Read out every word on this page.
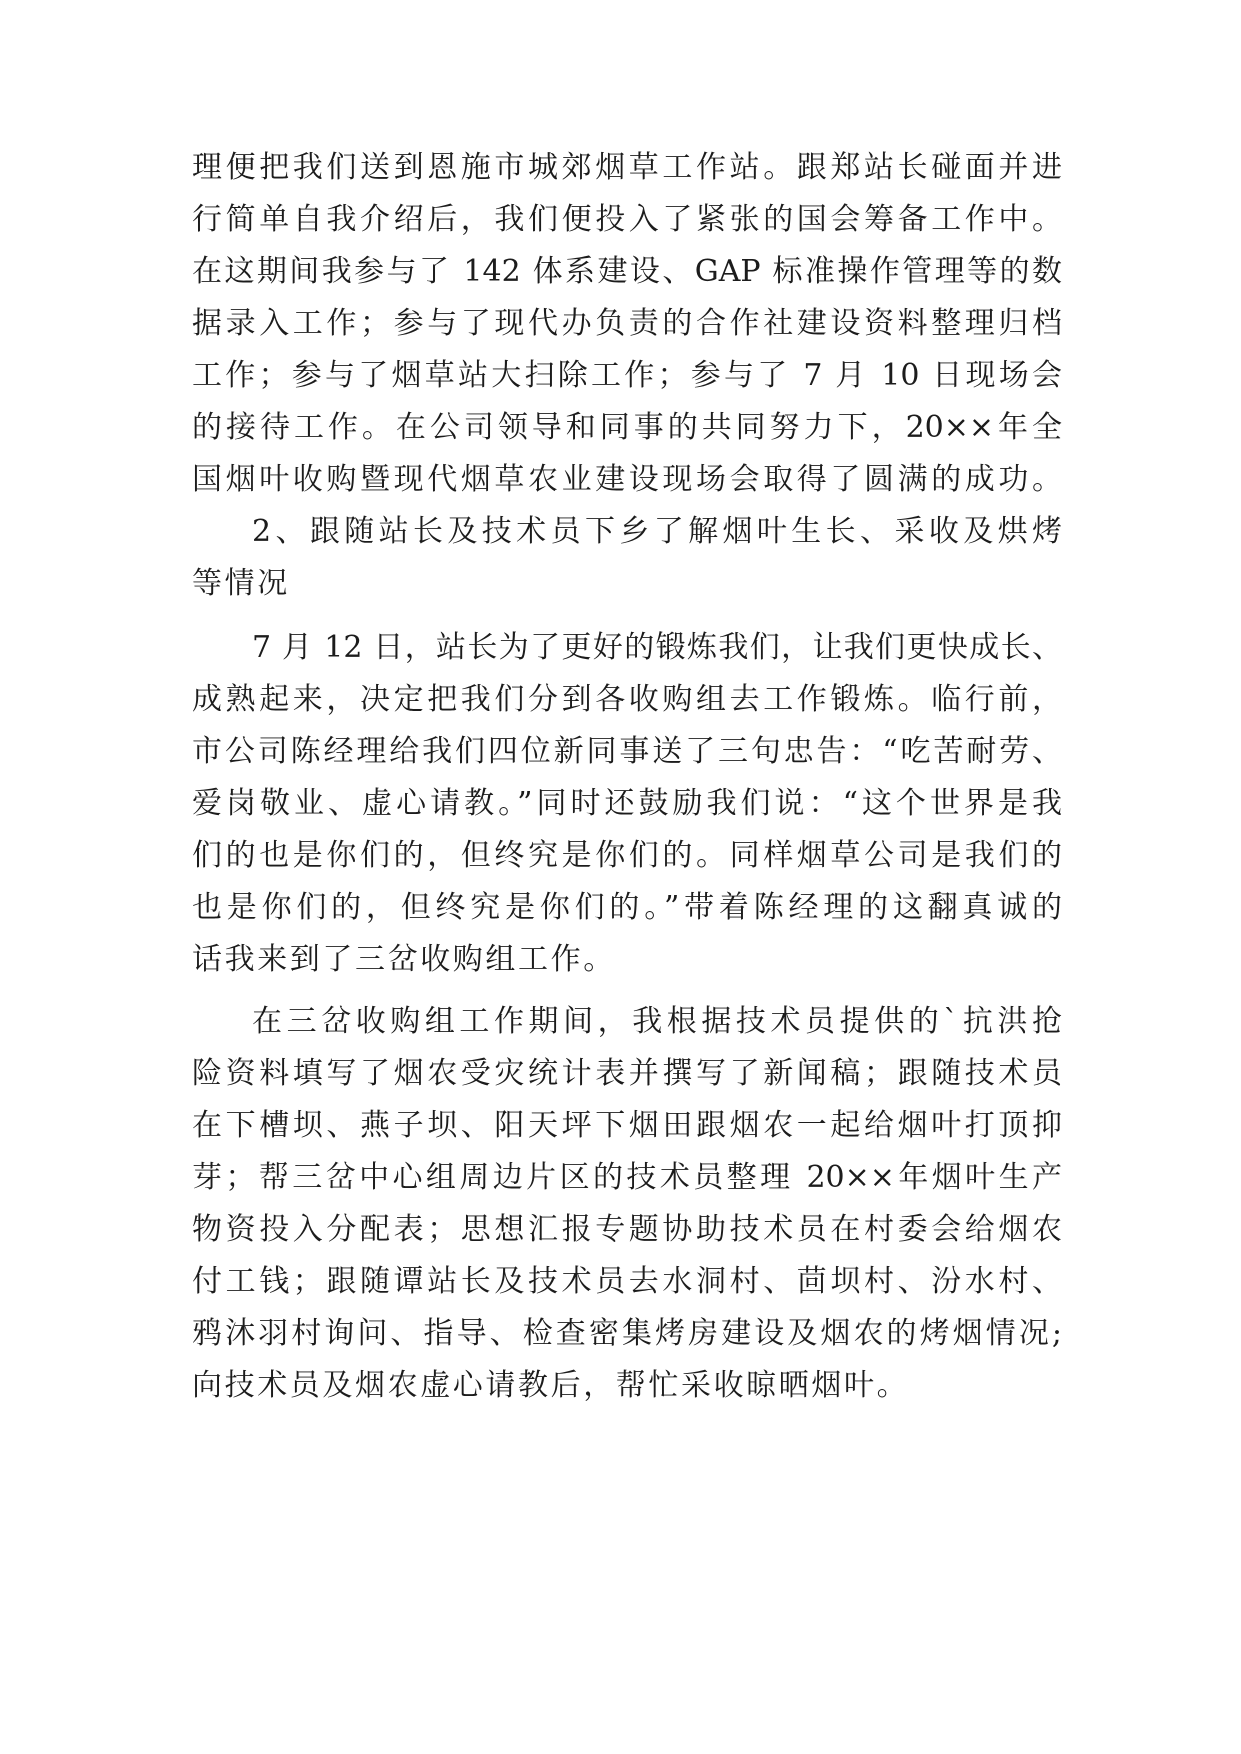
理便把我们送到恩施市城郊烟草工作站。跟郑站长碰面并进
行简单自我介绍后，我们便投入了紧张的国会筹备工作中。
在这期间我参与了 142 体系建设、GAP 标准操作管理等的数
据录入工作；参与了现代办负责的合作社建设资料整理归档
工作；参与了烟草站大扫除工作；参与了 7 月 10 日现场会
的接待工作。在公司领导和同事的共同努力下，20××年全
国烟叶收购暨现代烟草农业建设现场会取得了圆满的成功。
2、跟随站长及技术员下乡了解烟叶生长、采收及烘烤
等情况
7 月 12 日，站长为了更好的锻炼我们，让我们更快成长、
成熟起来，决定把我们分到各收购组去工作锻炼。临行前，
市公司陈经理给我们四位新同事送了三句忠告：“吃苦耐劳、
爱岗敬业、虚心请教。”同时还鼓励我们说：“这个世界是我
们的也是你们的，但终究是你们的。同样烟草公司是我们的
也是你们的，但终究是你们的。”带着陈经理的这翻真诚的
话我来到了三岔收购组工作。
在三岔收购组工作期间，我根据技术员提供的`抗洪抢
险资料填写了烟农受灾统计表并撰写了新闻稿；跟随技术员
在下槽坝、燕子坝、阳天坪下烟田跟烟农一起给烟叶打顶抑
芽；帮三岔中心组周边片区的技术员整理 20××年烟叶生产
物资投入分配表；思想汇报专题协助技术员在村委会给烟农
付工钱；跟随谭站长及技术员去水洞村、茴坝村、汾水村、
鸦沐羽村询问、指导、检查密集烤房建设及烟农的烤烟情况;
向技术员及烟农虚心请教后，帮忙采收晾晒烟叶。
